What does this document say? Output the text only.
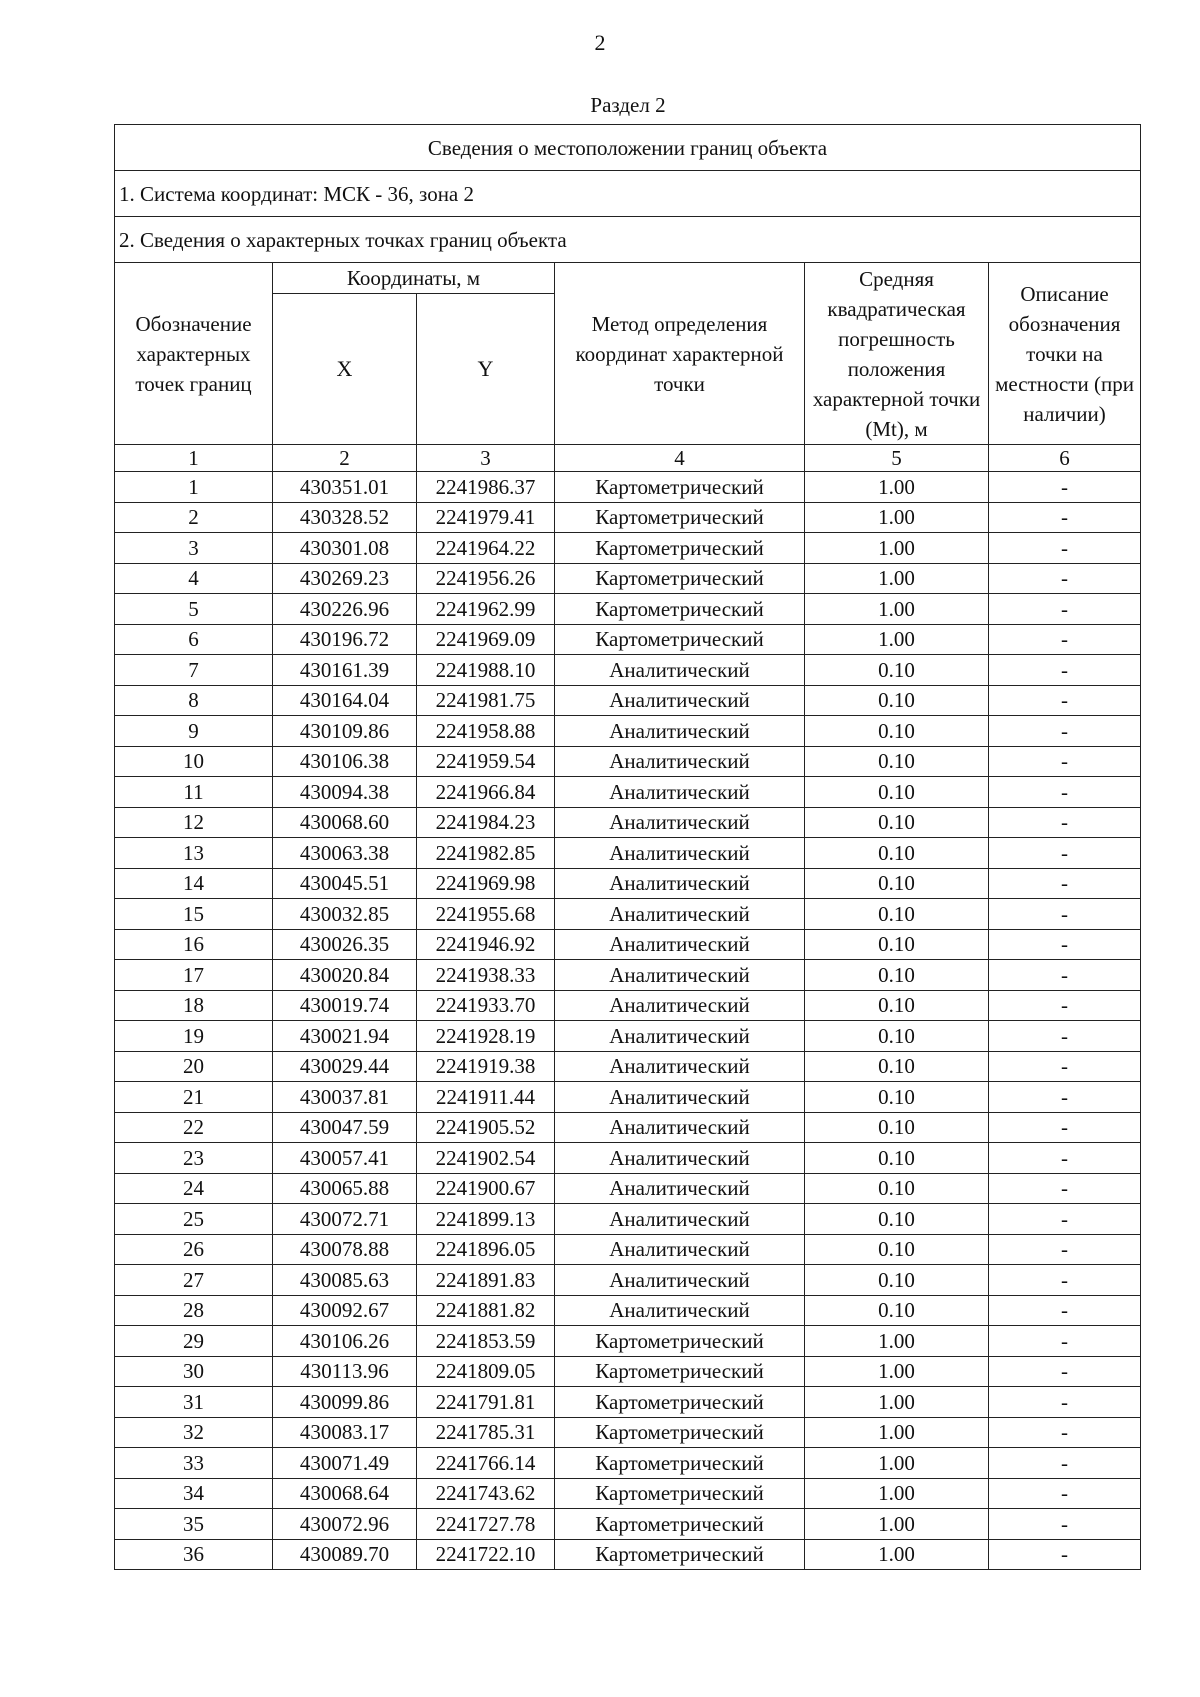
2
Раздел 2
Сведения о местоположении границ объекта					
1. Система координат: МСК - 36, зона 2					
2. Сведения о характерных точках границ объекта					
Обозначение характерных точек границ	Координаты, м		Метод определения координат характерной точки	Средняя квадратическая погрешность положения характерной точки (Mt), м	Описание обозначения точки на местности (при наличии)
	X	Y			
1	2	3	4	5	6
1	430351.01	2241986.37	Картометрический	1.00	-
2	430328.52	2241979.41	Картометрический	1.00	-
3	430301.08	2241964.22	Картометрический	1.00	-
4	430269.23	2241956.26	Картометрический	1.00	-
5	430226.96	2241962.99	Картометрический	1.00	-
6	430196.72	2241969.09	Картометрический	1.00	-
7	430161.39	2241988.10	Аналитический	0.10	-
8	430164.04	2241981.75	Аналитический	0.10	-
9	430109.86	2241958.88	Аналитический	0.10	-
10	430106.38	2241959.54	Аналитический	0.10	-
11	430094.38	2241966.84	Аналитический	0.10	-
12	430068.60	2241984.23	Аналитический	0.10	-
13	430063.38	2241982.85	Аналитический	0.10	-
14	430045.51	2241969.98	Аналитический	0.10	-
15	430032.85	2241955.68	Аналитический	0.10	-
16	430026.35	2241946.92	Аналитический	0.10	-
17	430020.84	2241938.33	Аналитический	0.10	-
18	430019.74	2241933.70	Аналитический	0.10	-
19	430021.94	2241928.19	Аналитический	0.10	-
20	430029.44	2241919.38	Аналитический	0.10	-
21	430037.81	2241911.44	Аналитический	0.10	-
22	430047.59	2241905.52	Аналитический	0.10	-
23	430057.41	2241902.54	Аналитический	0.10	-
24	430065.88	2241900.67	Аналитический	0.10	-
25	430072.71	2241899.13	Аналитический	0.10	-
26	430078.88	2241896.05	Аналитический	0.10	-
27	430085.63	2241891.83	Аналитический	0.10	-
28	430092.67	2241881.82	Аналитический	0.10	-
29	430106.26	2241853.59	Картометрический	1.00	-
30	430113.96	2241809.05	Картометрический	1.00	-
31	430099.86	2241791.81	Картометрический	1.00	-
32	430083.17	2241785.31	Картометрический	1.00	-
33	430071.49	2241766.14	Картометрический	1.00	-
34	430068.64	2241743.62	Картометрический	1.00	-
35	430072.96	2241727.78	Картометрический	1.00	-
36	430089.70	2241722.10	Картометрический	1.00	-
